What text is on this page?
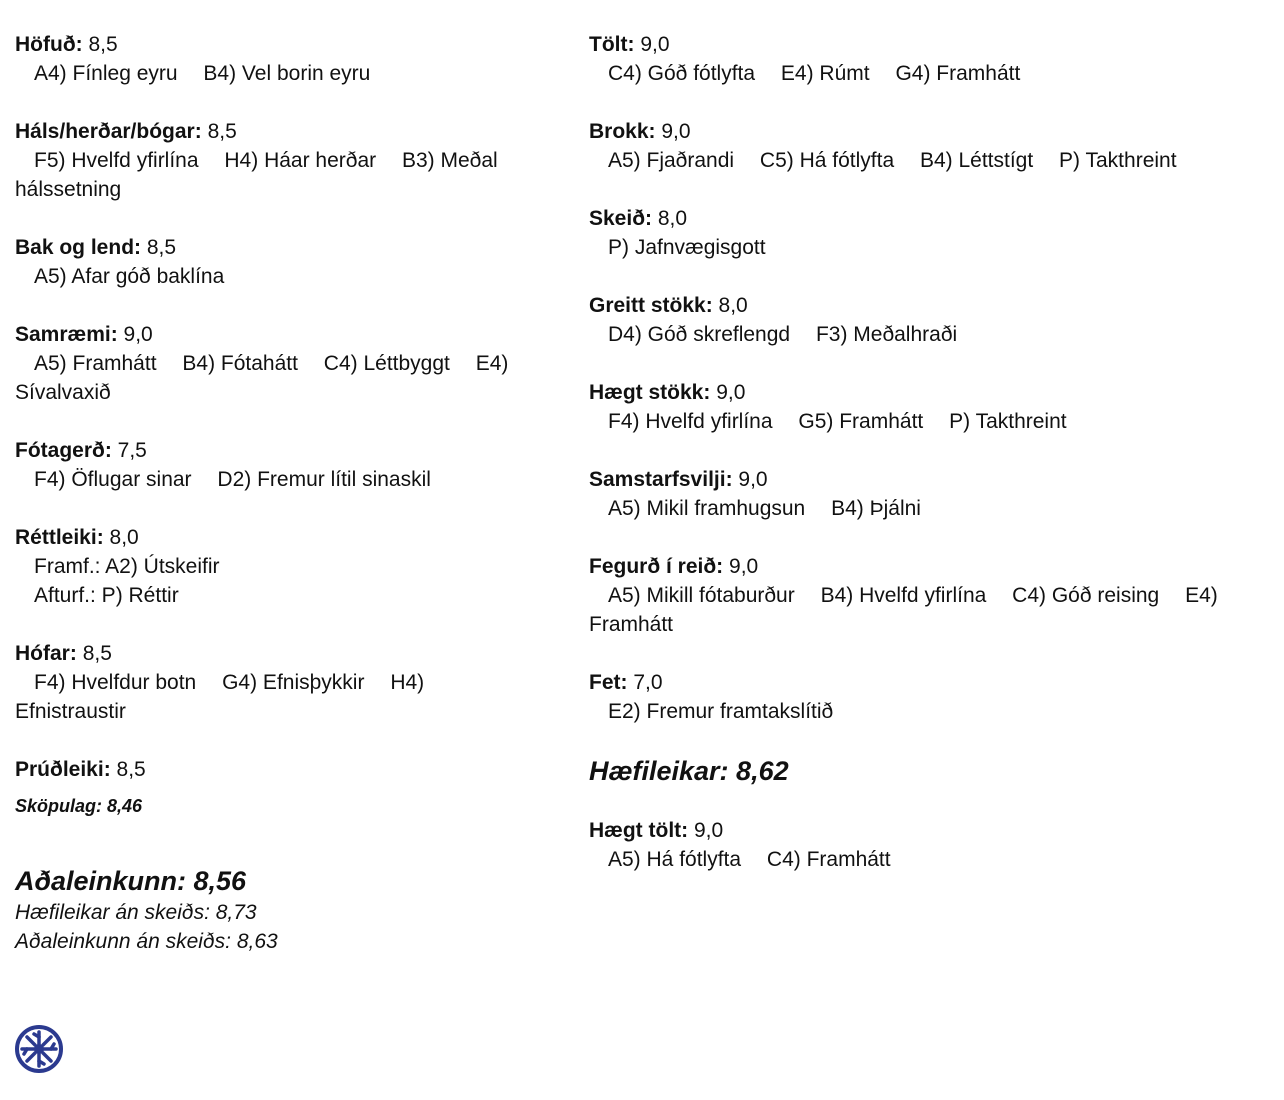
Höfuð: 8,5
A4) Fínleg eyru B4) Vel borin eyru
Háls/herðar/bógar: 8,5
F5) Hvelfd yfirlína H4) Háar herðar B3) Meðal hálssetning
Bak og lend: 8,5
A5) Afar góð baklína
Samræmi: 9,0
A5) Framhátt B4) Fótahátt C4) Léttbyggt E4) Sívalvaxið
Fótagerð: 7,5
F4) Öflugar sinar D2) Fremur lítil sinaskil
Réttleiki: 8,0
Framf.: A2) Útskeifir
Afturf.: P) Réttir
Hófar: 8,5
F4) Hvelfdur botn G4) Efnisþykkir H4) Efnistraustir
Prúðleiki: 8,5
Sköpulag: 8,46
Aðaleinkunn: 8,56
Hæfileikar án skeiðs: 8,73
Aðaleinkunn án skeiðs: 8,63
Tölt: 9,0
C4) Góð fótlyfta E4) Rúmt G4) Framhátt
Brokk: 9,0
A5) Fjaðrandi C5) Há fótlyfta B4) Léttstígt P) Takthreint
Skeið: 8,0
P) Jafnvægisgott
Greitt stökk: 8,0
D4) Góð skreflengd F3) Meðalhraði
Hægt stökk: 9,0
F4) Hvelfd yfirlína G5) Framhátt P) Takthreint
Samstarfsvilji: 9,0
A5) Mikil framhugsun B4) Þjálni
Fegurð í reið: 9,0
A5) Mikill fótaburður B4) Hvelfd yfirlína C4) Góð reising E4) Framhátt
Fet: 7,0
E2) Fremur framtakslítið
Hæfileikar: 8,62
Hægt tölt: 9,0
A5) Há fótlyfta C4) Framhátt
